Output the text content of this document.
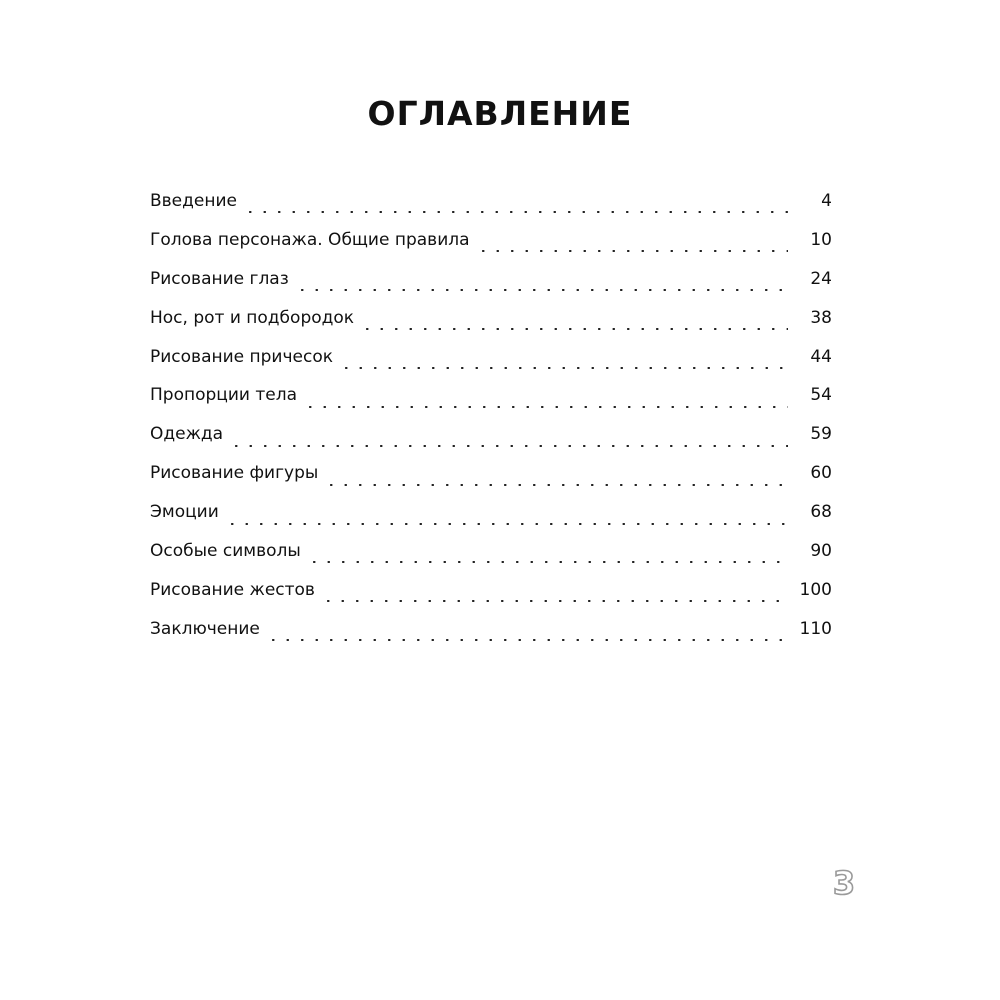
ОГЛАВЛЕНИЕ
Введение	4
Голова персонажа. Общие правила	10
Рисование глаз	24
Нос, рот и подбородок	38
Рисование причесок	44
Пропорции тела	54
Одежда	59
Рисование фигуры	60
Эмоции	68
Особые символы	90
Рисование жестов	100
Заключение	110
3
